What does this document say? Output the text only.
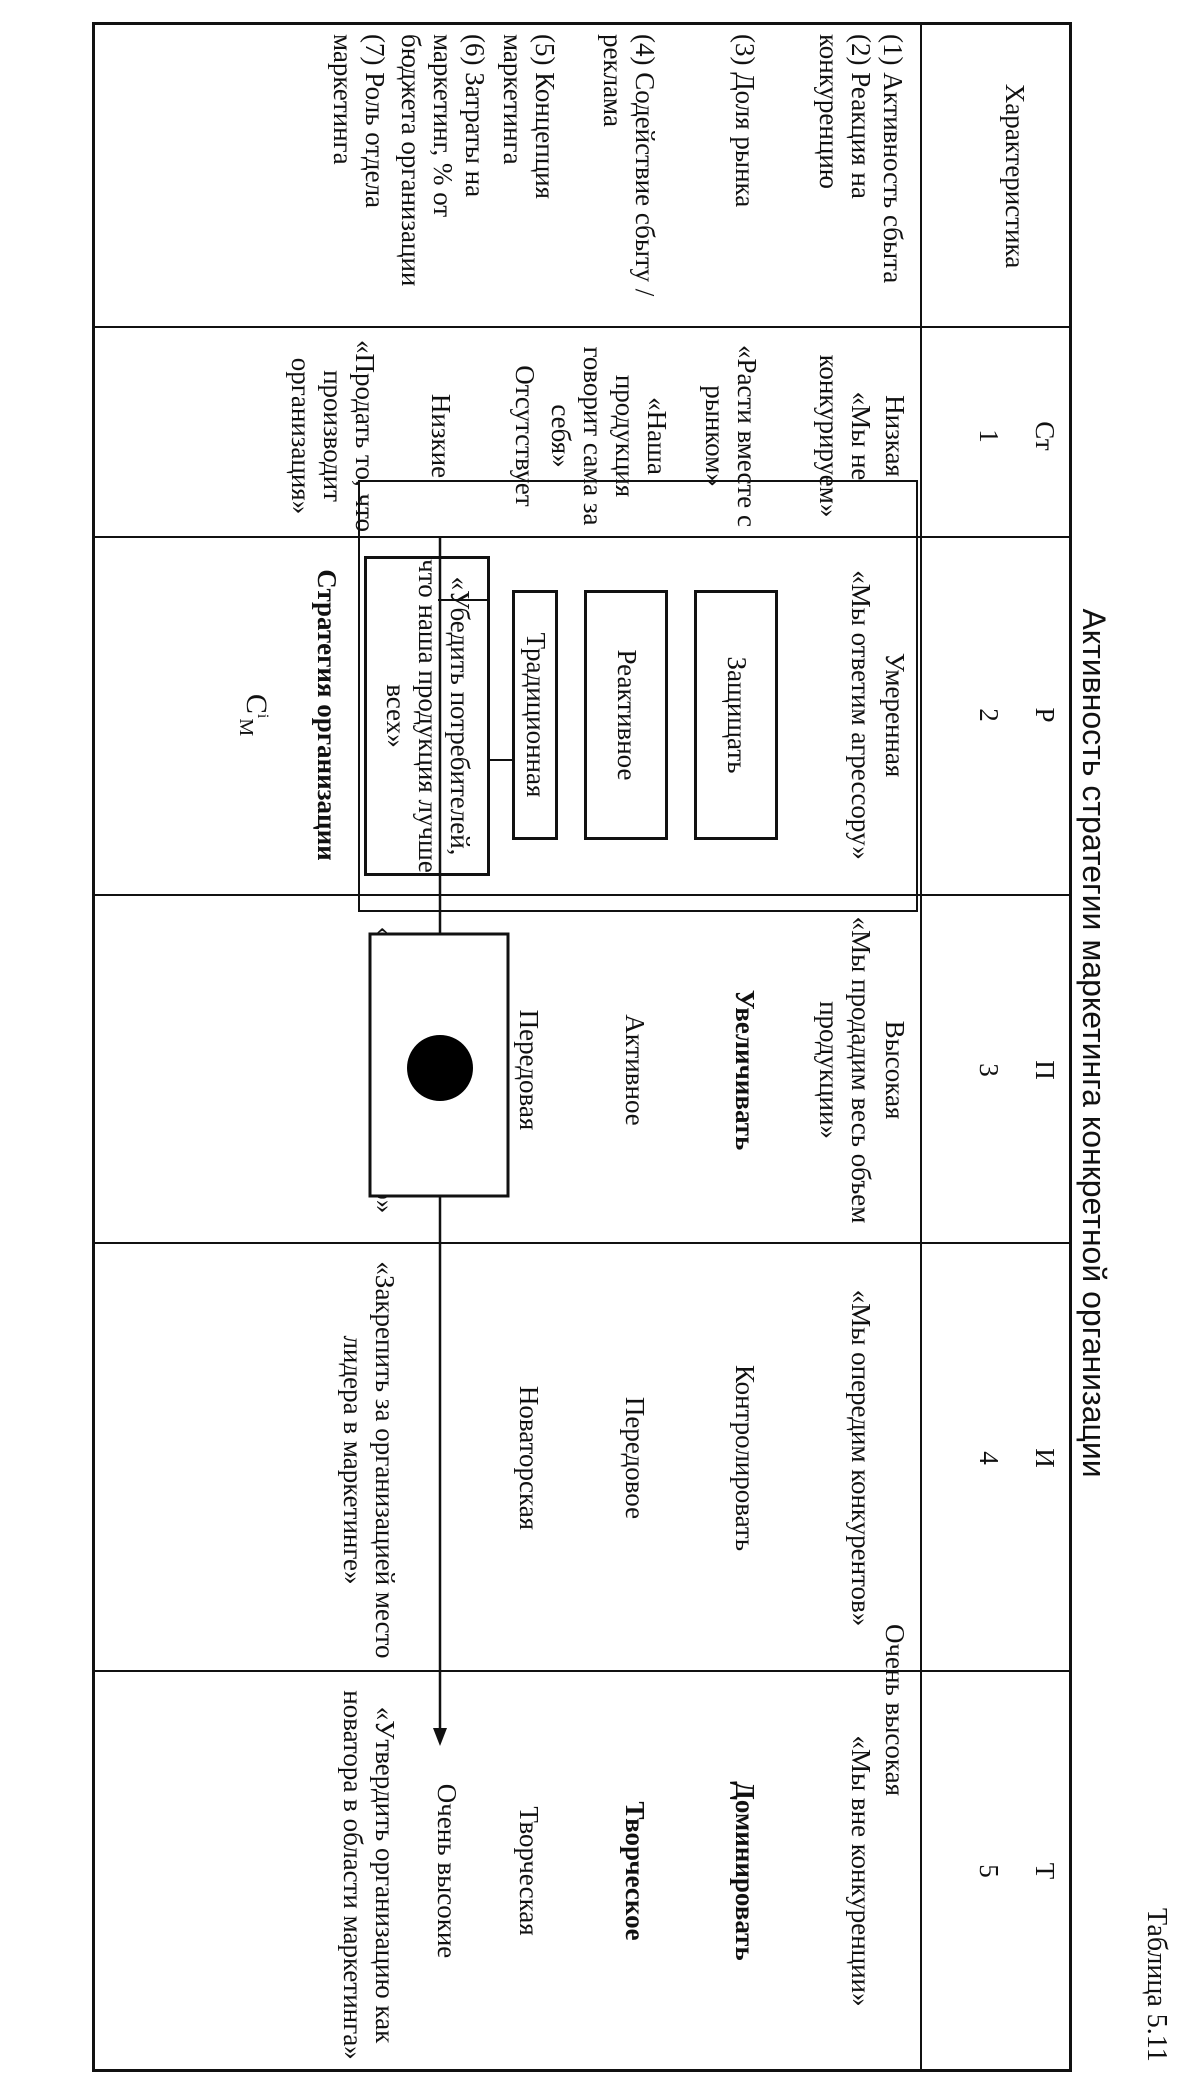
Таблица 5.11
Активность стратегии маркетинга конкретной организации
Характеристика
Ст
1
Р
2
П
3
И
4
Т
5
(1) Активность сбыта
(2) Реакция на конкуренцию
(3) Доля рынка
(4) Содействие сбыту / реклама
(5) Концепция маркетинга
(6) Затраты на маркетинг, % от бюджета организации
(7) Роль отдела маркетинга
Низкая
«Мы не конкурируем»
«Расти вместе с рынком»
«Наша продукция говорит сама за себя»
Отсутствует
Низкие
«Продать то, что производит организация»
Умеренная
«Мы ответим агрессору»
Защищать
Реактивное
Традиционная
«Убедить потребителей, что наша продукция лучше всех»
Стратегия организации
$C^i_М$
Высокая
«Мы продадим весь объем продукции»
Увеличивать
Активное
Передовая
«Мы опередим конкурентов»
Контролировать
Передовое
Новаторская
«Закрепить за организацией место лидера в маркетинге»
Очень высокая
«Мы вне конкуренции»
Доминировать
Творческое
Творческая
Очень высокие
«Утвердить организацию как новатора в области маркетинга»
